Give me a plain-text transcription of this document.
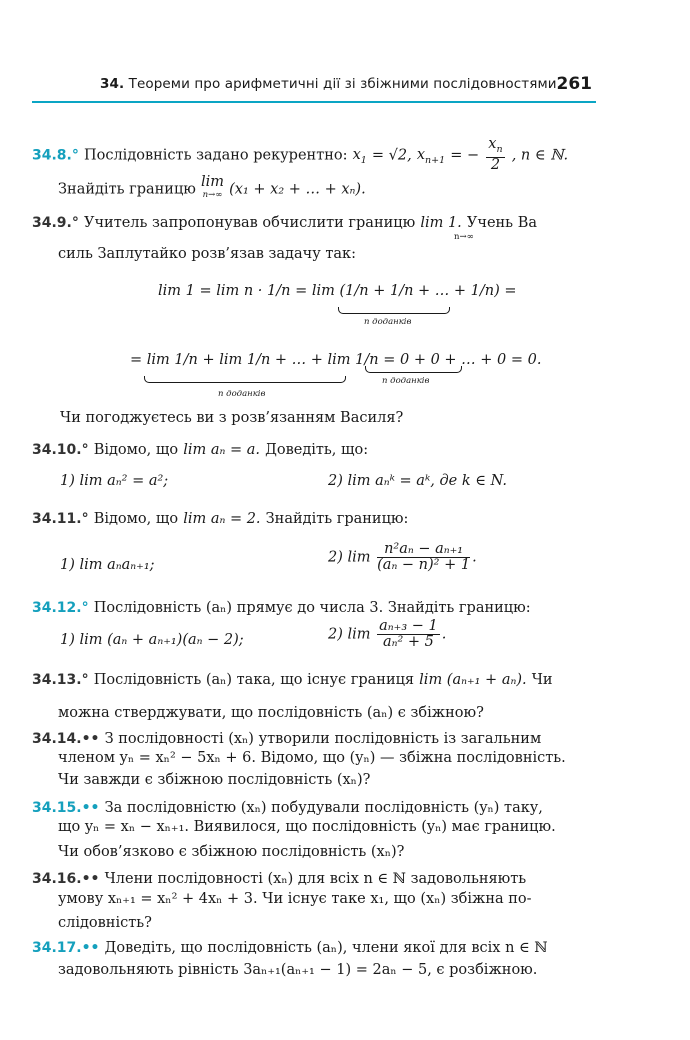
34. Теореми про арифметичні дії зі збіжними послідовностями 261
34.8.° Послідовність задано рекурентно: $x_1 = √2$, $x_{n+1}$ = − $\frac{x_n}{2}$ , n ∈ ℕ.
Знайдіть границю lim
n→∞ (x₁ + x₂ + … + xₙ).
34.9.° Учитель запропонував обчислити границю lim 1. Учень Ва
n→∞
силь Заплутайко розв’язав задачу так:
lim 1 = lim n · 1/n = lim (1/n + 1/n + … + 1/n) =
n доданків
= lim 1/n + lim 1/n + … + lim 1/n = 0 + 0 + … + 0 = 0.
n доданків
n доданків
Чи погоджуєтесь ви з розв’язанням Василя?
34.10.° Відомо, що lim aₙ = a. Доведіть, що:
1) lim aₙ² = a²;	2) lim aₙᵏ = aᵏ, де k ∈ N.
34.11.° Відомо, що lim aₙ = 2. Знайдіть границю:
1) lim aₙaₙ₊₁;	2) $\lim \frac{\text{n²aₙ − aₙ₊₁}}{\text{(aₙ − n)² + 1}}$ .
34.12.° Послідовність (aₙ) прямує до числа 3. Знайдіть границю:
1) lim (aₙ + aₙ₊₁)(aₙ − 2);	2) $\lim \frac{\text{aₙ₊₃ − 1}}{\text{aₙ² + 5}}$ .
34.13.° Послідовність (aₙ) така, що існує границя lim (aₙ₊₁ + aₙ). Чи
можна стверджувати, що послідовність (aₙ) є збіжною?
34.14.•• З послідовності (xₙ) утворили послідовність із загальним
членом yₙ = xₙ² − 5xₙ + 6. Відомо, що (yₙ) — збіжна послідовність.
Чи завжди є збіжною послідовність (xₙ)?
34.15.•• За послідовністю (xₙ) побудували послідовність (yₙ) таку,
що yₙ = xₙ − xₙ₊₁. Виявилося, що послідовність (yₙ) має границю.
Чи обов’язково є збіжною послідовність (xₙ)?
34.16.•• Члени послідовності (xₙ) для всіх n ∈ ℕ задовольняють
умову xₙ₊₁ = xₙ² + 4xₙ + 3. Чи існує таке x₁, що (xₙ) збіжна по-
слідовність?
34.17.•• Доведіть, що послідовність (aₙ), члени якої для всіх n ∈ ℕ
задовольняють рівність 3aₙ₊₁(aₙ₊₁ − 1) = 2aₙ − 5, є розбіжною.
